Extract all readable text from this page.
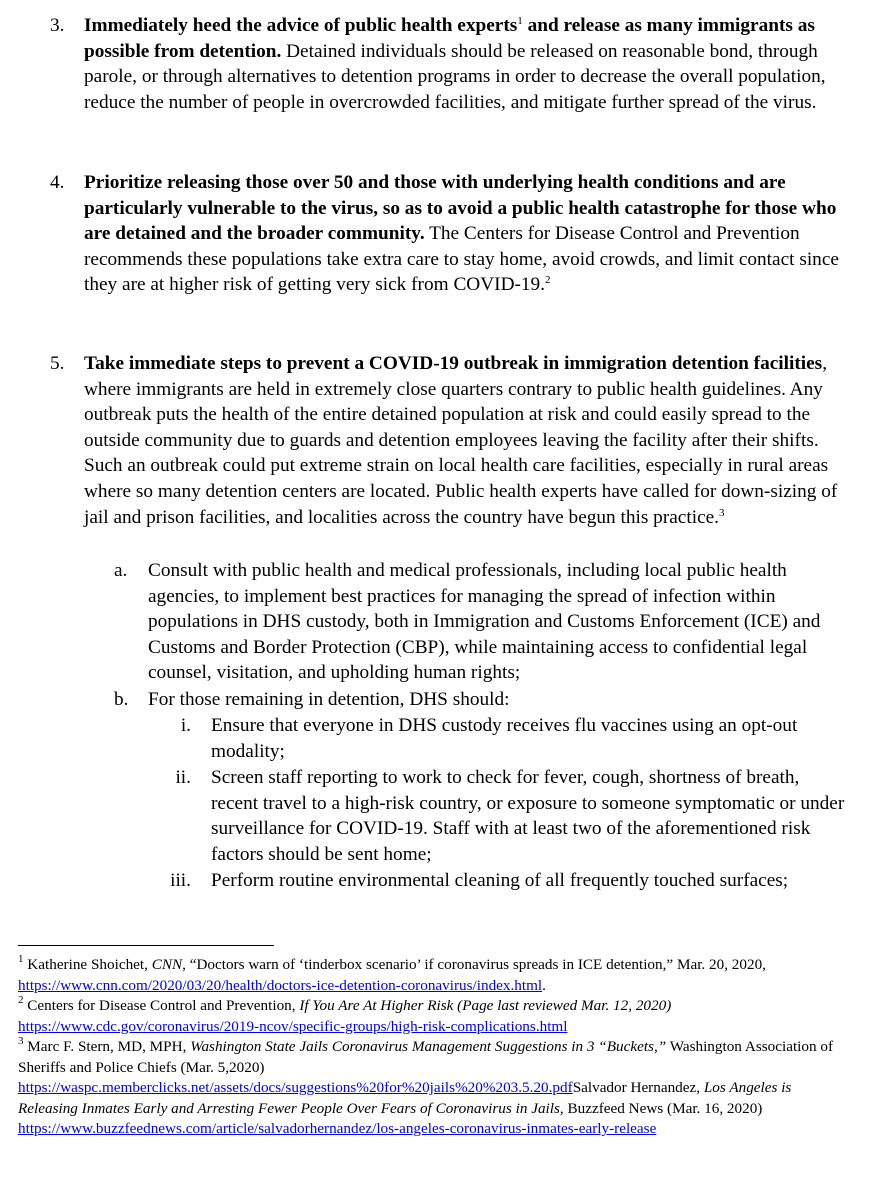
3. Immediately heed the advice of public health experts$^1$ and release as many immigrants as possible from detention. Detained individuals should be released on reasonable bond, through parole, or through alternatives to detention programs in order to decrease the overall population, reduce the number of people in overcrowded facilities, and mitigate further spread of the virus.
4. Prioritize releasing those over 50 and those with underlying health conditions and are particularly vulnerable to the virus, so as to avoid a public health catastrophe for those who are detained and the broader community. The Centers for Disease Control and Prevention recommends these populations take extra care to stay home, avoid crowds, and limit contact since they are at higher risk of getting very sick from COVID-19.$^2$
5. Take immediate steps to prevent a COVID-19 outbreak in immigration detention facilities, where immigrants are held in extremely close quarters contrary to public health guidelines. Any outbreak puts the health of the entire detained population at risk and could easily spread to the outside community due to guards and detention employees leaving the facility after their shifts. Such an outbreak could put extreme strain on local health care facilities, especially in rural areas where so many detention centers are located. Public health experts have called for down-sizing of jail and prison facilities, and localities across the country have begun this practice.$^3$
a. Consult with public health and medical professionals, including local public health agencies, to implement best practices for managing the spread of infection within populations in DHS custody, both in Immigration and Customs Enforcement (ICE) and Customs and Border Protection (CBP), while maintaining access to confidential legal counsel, visitation, and upholding human rights;
b. For those remaining in detention, DHS should:
i. Ensure that everyone in DHS custody receives flu vaccines using an opt-out modality;
ii. Screen staff reporting to work to check for fever, cough, shortness of breath, recent travel to a high-risk country, or exposure to someone symptomatic or under surveillance for COVID-19. Staff with at least two of the aforementioned risk factors should be sent home;
iii. Perform routine environmental cleaning of all frequently touched surfaces;
$^1$ Katherine Shoichet, CNN, “Doctors warn of ‘tinderbox scenario’ if coronavirus spreads in ICE detention,” Mar. 20, 2020, https://www.cnn.com/2020/03/20/health/doctors-ice-detention-coronavirus/index.html.
$^2$ Centers for Disease Control and Prevention, If You Are At Higher Risk (Page last reviewed Mar. 12, 2020)
https://www.cdc.gov/coronavirus/2019-ncov/specific-groups/high-risk-complications.html
$^3$ Marc F. Stern, MD, MPH, Washington State Jails Coronavirus Management Suggestions in 3 “Buckets,” Washington Association of Sheriffs and Police Chiefs (Mar. 5,2020)
https://waspc.memberclicks.net/assets/docs/suggestions%20for%20jails%20%203.5.20.pdfSalvador Hernandez, Los Angeles is Releasing Inmates Early and Arresting Fewer People Over Fears of Coronavirus in Jails, Buzzfeed News (Mar. 16, 2020) https://www.buzzfeednews.com/article/salvadorhernandez/los-angeles-coronavirus-inmates-early-release
